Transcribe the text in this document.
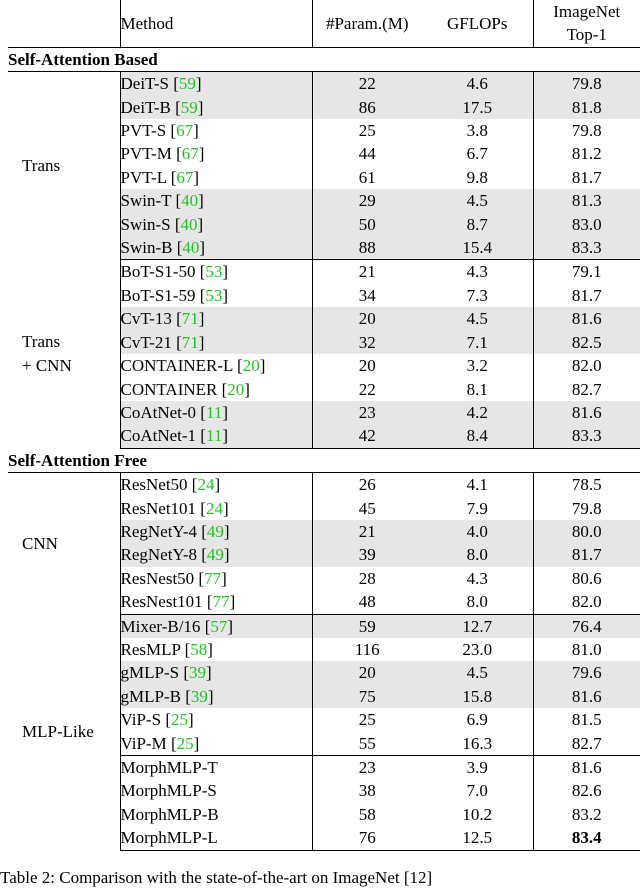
	Method	#Param.(M)	GFLOPs	ImageNet
Top-1
Self-Attention Based				
Trans	DeiT-S [59]	22	4.6	79.8
	DeiT-B [59]	86	17.5	81.8
	PVT-S [67]	25	3.8	79.8
	PVT-M [67]	44	6.7	81.2
	PVT-L [67]	61	9.8	81.7
	Swin-T [40]	29	4.5	81.3
	Swin-S [40]	50	8.7	83.0
	Swin-B [40]	88	15.4	83.3
Trans
+ CNN	BoT-S1-50 [53]	21	4.3	79.1
	BoT-S1-59 [53]	34	7.3	81.7
	CvT-13 [71]	20	4.5	81.6
	CvT-21 [71]	32	7.1	82.5
	CONTAINER-L [20]	20	3.2	82.0
	CONTAINER [20]	22	8.1	82.7
	CoAtNet-0 [11]	23	4.2	81.6
	CoAtNet-1 [11]	42	8.4	83.3
Self-Attention Free				
CNN	ResNet50 [24]	26	4.1	78.5
	ResNet101 [24]	45	7.9	79.8
	RegNetY-4 [49]	21	4.0	80.0
	RegNetY-8 [49]	39	8.0	81.7
	ResNest50 [77]	28	4.3	80.6
	ResNest101 [77]	48	8.0	82.0
MLP-Like	Mixer-B/16 [57]	59	12.7	76.4
	ResMLP [58]	116	23.0	81.0
	gMLP-S [39]	20	4.5	79.6
	gMLP-B [39]	75	15.8	81.6
	ViP-S [25]	25	6.9	81.5
	ViP-M [25]	55	16.3	82.7
	MorphMLP-T	23	3.9	81.6
	MorphMLP-S	38	7.0	82.6
	MorphMLP-B	58	10.2	83.2
	MorphMLP-L	76	12.5	83.4
Table 2: Comparison with the state-of-the-art on ImageNet [12]
